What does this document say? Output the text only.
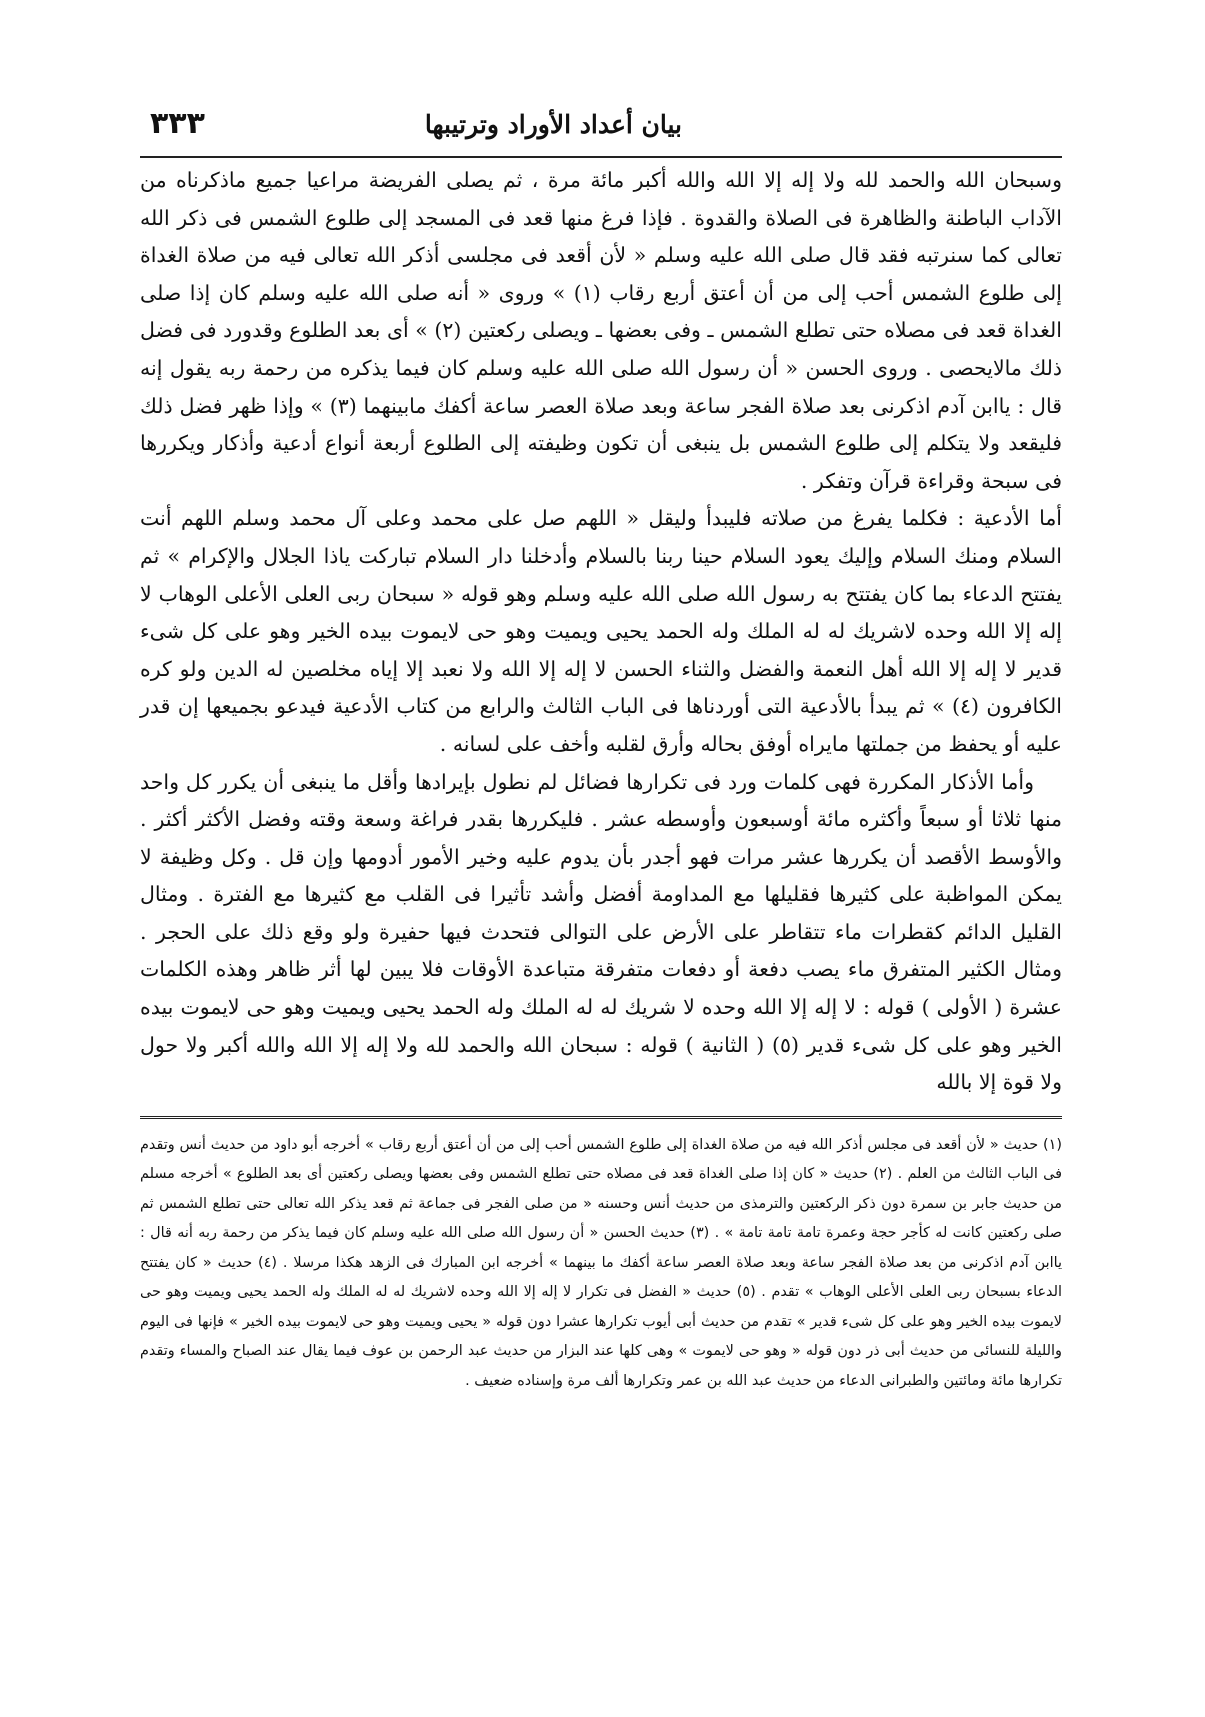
بيان أعداد الأوراد وترتيبها
٣٣٣

وسبحان الله والحمد لله ولا إله إلا الله والله أكبر مائة مرة ، ثم يصلى الفريضة مراعيا جميع ماذكرناه من الآداب الباطنة والظاهرة فى الصلاة والقدوة . فإذا فرغ منها قعد فى المسجد إلى طلوع الشمس فى ذكر الله تعالى كما سنرتبه فقد قال صلى الله عليه وسلم « لأن أقعد فى مجلسى أذكر الله تعالى فيه من صلاة الغداة إلى طلوع الشمس أحب إلى من أن أعتق أربع رقاب (١) » وروى « أنه صلى الله عليه وسلم كان إذا صلى الغداة قعد فى مصلاه حتى تطلع الشمس ـ وفى بعضها ـ ويصلى ركعتين (٢) » أى بعد الطلوع وقدورد فى فضل ذلك مالايحصى . وروى الحسن « أن رسول الله صلى الله عليه وسلم كان فيما يذكره من رحمة ربه يقول إنه قال : ياابن آدم اذكرنى بعد صلاة الفجر ساعة وبعد صلاة العصر ساعة أكفك مابينهما (٣) » وإذا ظهر فضل ذلك فليقعد ولا يتكلم إلى طلوع الشمس بل ينبغى أن تكون وظيفته إلى الطلوع أربعة أنواع أدعية وأذكار ويكررها فى سبحة وقراءة قرآن وتفكر .

أما الأدعية : فكلما يفرغ من صلاته فليبدأ وليقل « اللهم صل على محمد وعلى آل محمد وسلم اللهم أنت السلام ومنك السلام وإليك يعود السلام حينا ربنا بالسلام وأدخلنا دار السلام تباركت ياذا الجلال والإكرام » ثم يفتتح الدعاء بما كان يفتتح به رسول الله صلى الله عليه وسلم وهو قوله « سبحان ربى العلى الأعلى الوهاب لا إله إلا الله وحده لاشريك له له الملك وله الحمد يحيى ويميت وهو حى لايموت بيده الخير وهو على كل شىء قدير لا إله إلا الله أهل النعمة والفضل والثناء الحسن لا إله إلا الله ولا نعبد إلا إياه مخلصين له الدين ولو كره الكافرون (٤) » ثم يبدأ بالأدعية التى أوردناها فى الباب الثالث والرابع من كتاب الأدعية فيدعو بجميعها إن قدر عليه أو يحفظ من جملتها مايراه أوفق بحاله وأرق لقلبه وأخف على لسانه .

وأما الأذكار المكررة فهى كلمات ورد فى تكرارها فضائل لم نطول بإيرادها وأقل ما ينبغى أن يكرر كل واحد منها ثلاثا أو سبعاً وأكثره مائة أوسبعون وأوسطه عشر . فليكررها بقدر فراغة وسعة وقته وفضل الأكثر أكثر . والأوسط الأقصد أن يكررها عشر مرات فهو أجدر بأن يدوم عليه وخير الأمور أدومها وإن قل . وكل وظيفة لا يمكن المواظبة على كثيرها فقليلها مع المداومة أفضل وأشد تأثيرا فى القلب مع كثيرها مع الفترة . ومثال القليل الدائم كقطرات ماء تتقاطر على الأرض على التوالى فتحدث فيها حفيرة ولو وقع ذلك على الحجر . ومثال الكثير المتفرق ماء يصب دفعة أو دفعات متفرقة متباعدة الأوقات فلا يبين لها أثر ظاهر وهذه الكلمات عشرة ( الأولى ) قوله : لا إله إلا الله وحده لا شريك له له الملك وله الحمد يحيى ويميت وهو حى لايموت بيده الخير وهو على كل شىء قدير (٥) ( الثانية ) قوله : سبحان الله والحمد لله ولا إله إلا الله والله أكبر ولا حول ولا قوة إلا بالله

(١) حديث « لأن أقعد فى مجلس أذكر الله فيه من صلاة الغداة إلى طلوع الشمس أحب إلى من أن أعتق أربع رقاب » أخرجه أبو داود من حديث أنس وتقدم فى الباب الثالث من العلم . (٢) حديث « كان إذا صلى الغداة قعد فى مصلاه حتى تطلع الشمس وفى بعضها ويصلى ركعتين أى بعد الطلوع » أخرجه مسلم من حديث جابر بن سمرة دون ذكر الركعتين والترمذى من حديث أنس وحسنه « من صلى الفجر فى جماعة ثم قعد يذكر الله تعالى حتى تطلع الشمس ثم صلى ركعتين كانت له كأجر حجة وعمرة تامة تامة تامة » . (٣) حديث الحسن « أن رسول الله صلى الله عليه وسلم كان فيما يذكر من رحمة ربه أنه قال : ياابن آدم اذكرنى من بعد صلاة الفجر ساعة وبعد صلاة العصر ساعة أكفك ما بينهما » أخرجه ابن المبارك فى الزهد هكذا مرسلا . (٤) حديث « كان يفتتح الدعاء بسبحان ربى العلى الأعلى الوهاب » تقدم . (٥) حديث « الفضل فى تكرار لا إله إلا الله وحده لاشريك له له الملك وله الحمد يحيى ويميت وهو حى لايموت بيده الخير وهو على كل شىء قدير » تقدم من حديث أبى أيوب تكرارها عشرا دون قوله « يحيى ويميت وهو حى لايموت بيده الخير » فإنها فى اليوم والليلة للنسائى من حديث أبى ذر دون قوله « وهو حى لايموت » وهى كلها عند البزار من حديث عبد الرحمن بن عوف فيما يقال عند الصباح والمساء وتقدم تكرارها مائة ومائتين والطبرانى الدعاء من حديث عبد الله بن عمر وتكرارها ألف مرة وإسناده ضعيف .
